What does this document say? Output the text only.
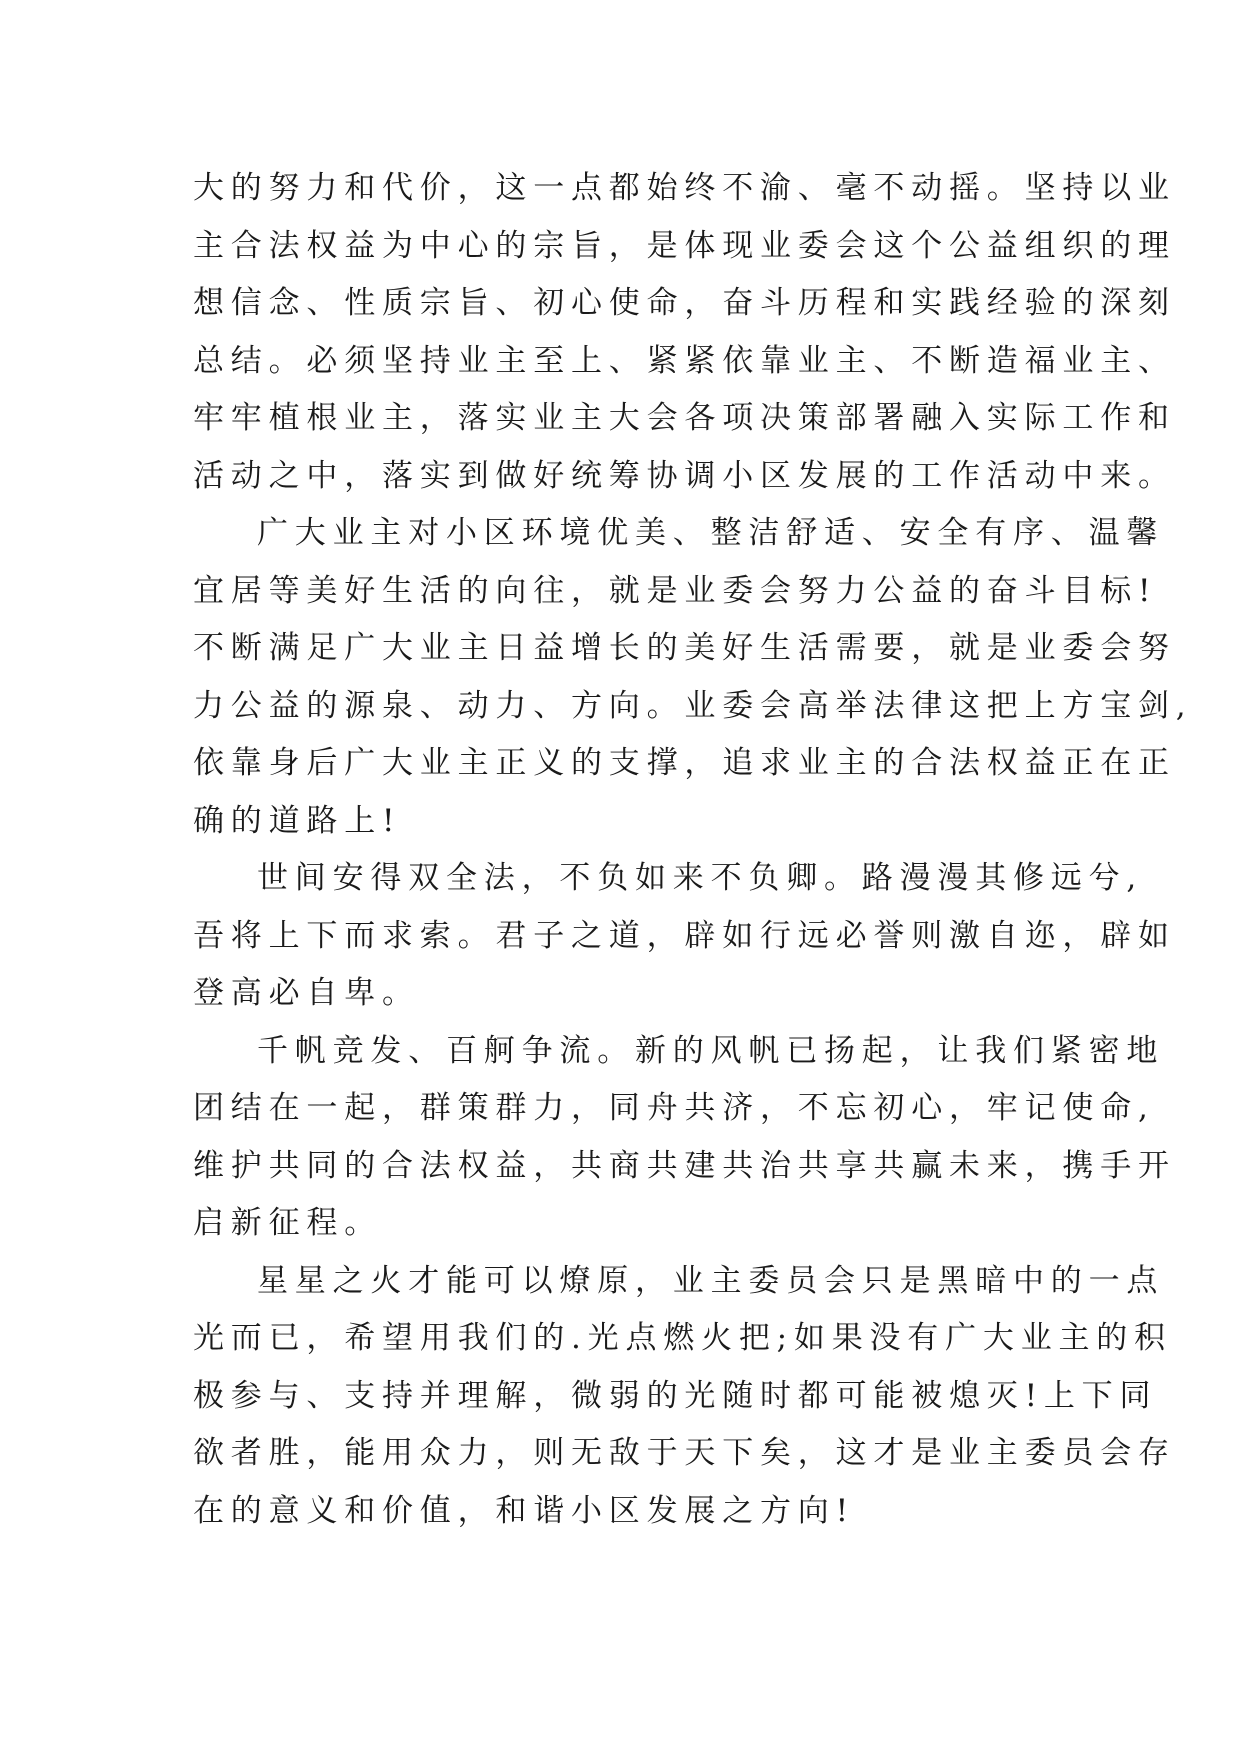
大的努力和代价，这一点都始终不渝、毫不动摇。坚持以业
主合法权益为中心的宗旨，是体现业委会这个公益组织的理
想信念、性质宗旨、初心使命，奋斗历程和实践经验的深刻
总结。必须坚持业主至上、紧紧依靠业主、不断造福业主、
牢牢植根业主，落实业主大会各项决策部署融入实际工作和
活动之中，落实到做好统筹协调小区发展的工作活动中来。
广大业主对小区环境优美、整洁舒适、安全有序、温馨
宜居等美好生活的向往，就是业委会努力公益的奋斗目标!
不断满足广大业主日益增长的美好生活需要，就是业委会努
力公益的源泉、动力、方向。业委会高举法律这把上方宝剑,
依靠身后广大业主正义的支撑，追求业主的合法权益正在正
确的道路上!
世间安得双全法，不负如来不负卿。路漫漫其修远兮,
吾将上下而求索。君子之道，辟如行远必誉则激自迩，辟如
登高必自卑。
千帆竞发、百舸争流。新的风帆已扬起，让我们紧密地
团结在一起，群策群力，同舟共济，不忘初心，牢记使命,
维护共同的合法权益，共商共建共治共享共赢未来，携手开
启新征程。
星星之火才能可以燎原，业主委员会只是黑暗中的一点
光而已，希望用我们的.光点燃火把;如果没有广大业主的积
极参与、支持并理解，微弱的光随时都可能被熄灭!上下同
欲者胜，能用众力，则无敌于天下矣，这才是业主委员会存
在的意义和价值，和谐小区发展之方向!
